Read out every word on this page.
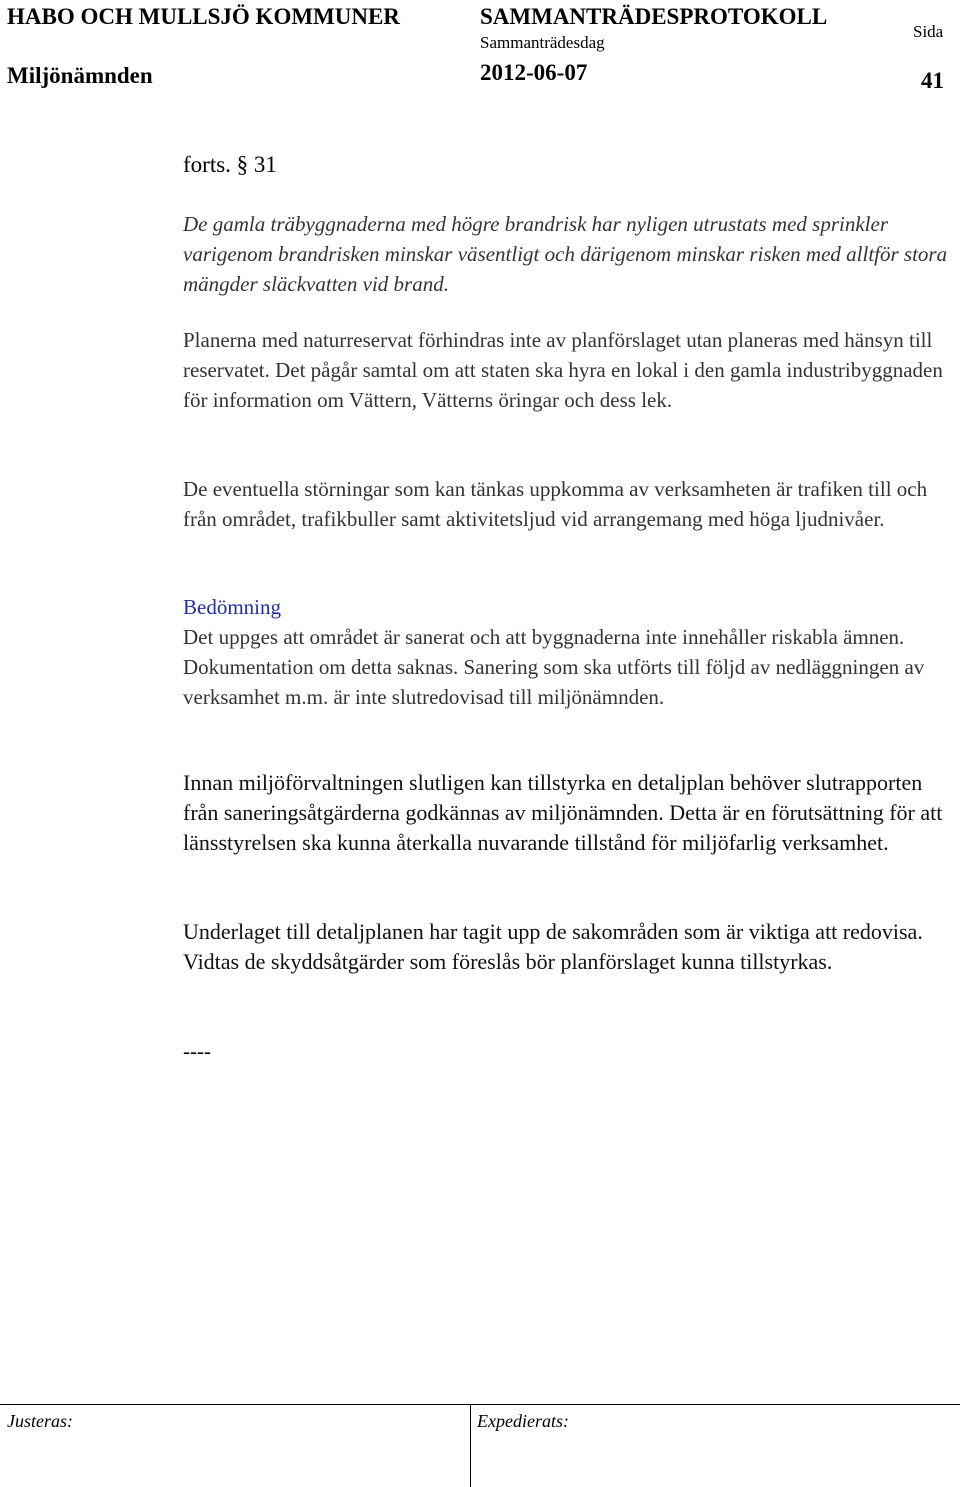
HABO OCH MULLSJÖ KOMMUNER	SAMMANTRÄDESPROTOKOLL
Sida
Sammanträdesdag
Miljönämnden	2012-06-07	41
forts. § 31
De gamla träbyggnaderna med högre brandrisk har nyligen utrustats med sprinkler varigenom brandrisken minskar väsentligt och därigenom minskar risken med alltför stora mängder släckvatten vid brand.
Planerna med naturreservat förhindras inte av planförslaget utan planeras med hänsyn till reservatet. Det pågår samtal om att staten ska hyra en lokal i den gamla industribyggnaden för information om Vättern, Vätterns öringar och dess lek.
De eventuella störningar som kan tänkas uppkomma av verksamheten är trafiken till och från området, trafikbuller samt aktivitetsljud vid arrangemang med höga ljudnivåer.
Bedömning
Det uppges att området är sanerat och att byggnaderna inte innehåller riskabla ämnen. Dokumentation om detta saknas. Sanering som ska utförts till följd av nedläggningen av verksamhet m.m. är inte slutredovisad till miljönämnden.
Innan miljöförvaltningen slutligen kan tillstyrka en detaljplan behöver slutrapporten från saneringsåtgärderna godkännas av miljönämnden. Detta är en förutsättning för att länsstyrelsen ska kunna återkalla nuvarande tillstånd för miljöfarlig verksamhet.
Underlaget till detaljplanen har tagit upp de sakområden som är viktiga att redovisa. Vidtas de skyddsåtgärder som föreslås bör planförslaget kunna tillstyrkas.
----
Justeras:	Expedierats:
